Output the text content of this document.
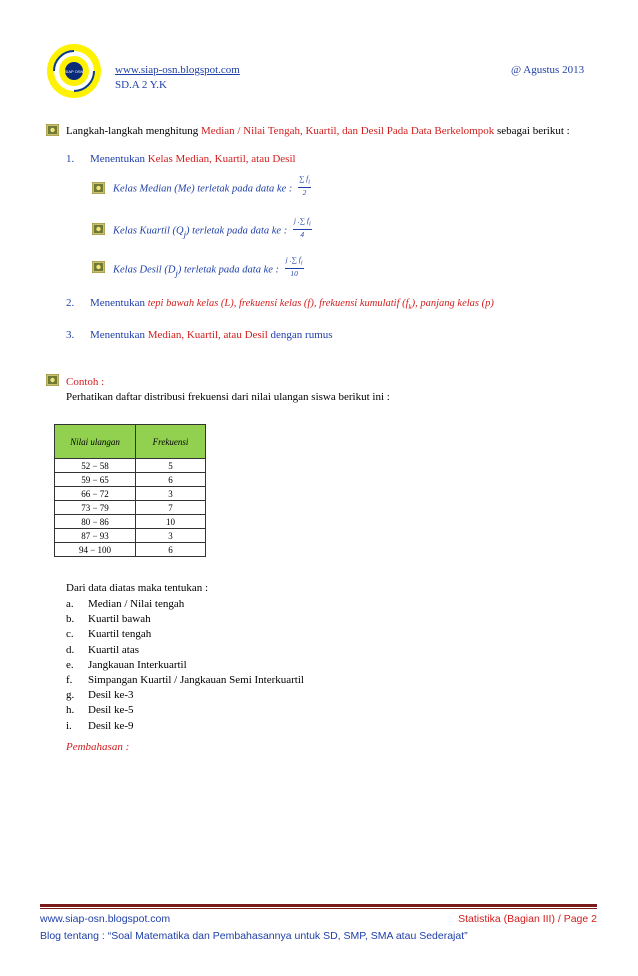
SIAP OSN	www.siap-osn.blogspot.com	@ Agustus 2013
SD.A 2 Y.K
Langkah-langkah menghitung Median / Nilai Tengah, Kuartil, dan Desil Pada Data Berkelompok sebagai berikut :
1. Menentukan Kelas Median, Kuartil, atau Desil
Kelas Median (Me) terletak pada data ke : $\frac{\sum f_i}{2}$
Kelas Kuartil $(Q_j)$ terletak pada data ke : $\frac{j .\sum f_i}{4}$
Kelas Desil $(D_j)$ terletak pada data ke : $\frac{j .\sum f_i}{10}$
2. Menentukan tepi bawah kelas (L), frekuensi kelas (f), frekuensi kumulatif $(f_k)$, panjang kelas (p)
3. Menentukan Median, Kuartil, atau Desil dengan rumus
Contoh :
Perhatikan daftar distribusi frekuensi dari nilai ulangan siswa berikut ini :
Nilai ulangan	Frekuensi
52 − 58	5
59 − 65	6
66 − 72	3
73 − 79	7
80 − 86	10
87 − 93	3
94 − 100	6
Dari data diatas maka tentukan :
a. Median / Nilai tengah
b. Kuartil bawah
c. Kuartil tengah
d. Kuartil atas
e. Jangkauan Interkuartil
f. Simpangan Kuartil / Jangkauan Semi Interkuartil
g. Desil ke-3
h. Desil ke-5
i. Desil ke-9
Pembahasan :
www.siap-osn.blogspot.com	Statistika (Bagian III) / Page 2
Blog tentang : “Soal Matematika dan Pembahasannya untuk SD, SMP, SMA atau Sederajat”
